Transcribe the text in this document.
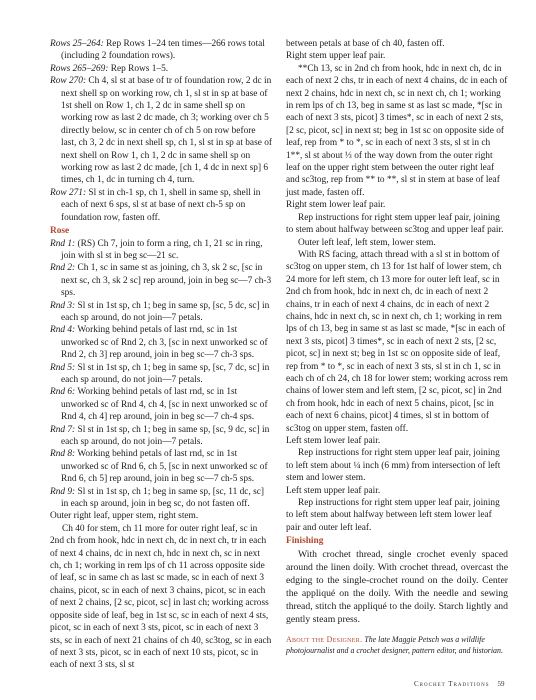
Rows 25–264: Rep Rows 1–24 ten times—266 rows total (including 2 foundation rows).

Rows 265–269: Rep Rows 1–5.

Row 270: Ch 4, sl st at base of tr of foundation row, 2 dc in next shell sp on working row, ch 1, sl st in sp at base of 1st shell on Row 1, ch 1, 2 dc in same shell sp on working row as last 2 dc made, ch 3; working over ch 5 directly below, sc in center ch of ch 5 on row before last, ch 3, 2 dc in next shell sp, ch 1, sl st in sp at base of next shell on Row 1, ch 1, 2 dc in same shell sp on working row as last 2 dc made, [ch 1, 4 dc in next sp] 6 times, ch 1, dc in turning ch 4, turn.

Row 271: Sl st in ch-1 sp, ch 1, shell in same sp, shell in each of next 6 sps, sl st at base of next ch-5 sp on foundation row, fasten off.

Rose

Rnd 1: (RS) Ch 7, join to form a ring, ch 1, 21 sc in ring, join with sl st in beg sc—21 sc.

Rnd 2: Ch 1, sc in same st as joining, ch 3, sk 2 sc, [sc in next sc, ch 3, sk 2 sc] rep around, join in beg sc—7 ch-3 sps.

Rnd 3: Sl st in 1st sp, ch 1; beg in same sp, [sc, 5 dc, sc] in each sp around, do not join—7 petals.

Rnd 4: Working behind petals of last rnd, sc in 1st unworked sc of Rnd 2, ch 3, [sc in next unworked sc of Rnd 2, ch 3] rep around, join in beg sc—7 ch-3 sps.

Rnd 5: Sl st in 1st sp, ch 1; beg in same sp, [sc, 7 dc, sc] in each sp around, do not join—7 petals.

Rnd 6: Working behind petals of last rnd, sc in 1st unworked sc of Rnd 4, ch 4, [sc in next unworked sc of Rnd 4, ch 4] rep around, join in beg sc—7 ch-4 sps.

Rnd 7: Sl st in 1st sp, ch 1; beg in same sp, [sc, 9 dc, sc] in each sp around, do not join—7 petals.

Rnd 8: Working behind petals of last rnd, sc in 1st unworked sc of Rnd 6, ch 5, [sc in next unworked sc of Rnd 6, ch 5] rep around, join in beg sc—7 ch-5 sps.

Rnd 9: Sl st in 1st sp, ch 1; beg in same sp, [sc, 11 dc, sc] in each sp around, join in beg sc, do not fasten off.

Outer right leaf, upper stem, right stem.

Ch 40 for stem, ch 11 more for outer right leaf, sc in 2nd ch from hook, hdc in next ch, dc in next ch, tr in each of next 4 chains, dc in next ch, hdc in next ch, sc in next ch, ch 1; working in rem lps of ch 11 across opposite side of leaf, sc in same ch as last sc made, sc in each of next 3 chains, picot, sc in each of next 3 chains, picot, sc in each of next 2 chains, [2 sc, picot, sc] in last ch; working across opposite side of leaf, beg in 1st sc, sc in each of next 4 sts, picot, sc in each of next 3 sts, picot, sc in each of next 3 sts, sc in each of next 21 chains of ch 40, sc3tog, sc in each of next 3 sts, picot, sc in each of next 10 sts, picot, sc in each of next 3 sts, sl st

between petals at base of ch 40, fasten off.

Right stem upper leaf pair.

**Ch 13, sc in 2nd ch from hook, hdc in next ch, dc in each of next 2 chs, tr in each of next 4 chains, dc in each of next 2 chains, hdc in next ch, sc in next ch, ch 1; working in rem lps of ch 13, beg in same st as last sc made, *[sc in each of next 3 sts, picot] 3 times*, sc in each of next 2 sts, [2 sc, picot, sc] in next st; beg in 1st sc on opposite side of leaf, rep from * to *, sc in each of next 3 sts, sl st in ch 1**, sl st about ⅓ of the way down from the outer right leaf on the upper right stem between the outer right leaf and sc3tog, rep from ** to **, sl st in stem at base of leaf just made, fasten off.

Right stem lower leaf pair.

Rep instructions for right stem upper leaf pair, joining to stem about halfway between sc3tog and upper leaf pair.

Outer left leaf, left stem, lower stem.

With RS facing, attach thread with a sl st in bottom of sc3tog on upper stem, ch 13 for 1st half of lower stem, ch 24 more for left stem, ch 13 more for outer left leaf, sc in 2nd ch from hook, hdc in next ch, dc in each of next 2 chains, tr in each of next 4 chains, dc in each of next 2 chains, hdc in next ch, sc in next ch, ch 1; working in rem lps of ch 13, beg in same st as last sc made, *[sc in each of next 3 sts, picot] 3 times*, sc in each of next 2 sts, [2 sc, picot, sc] in next st; beg in 1st sc on opposite side of leaf, rep from * to *, sc in each of next 3 sts, sl st in ch 1, sc in each ch of ch 24, ch 18 for lower stem; working across rem chains of lower stem and left stem, [2 sc, picot, sc] in 2nd ch from hook, hdc in each of next 5 chains, picot, [sc in each of next 6 chains, picot] 4 times, sl st in bottom of sc3tog on upper stem, fasten off.

Left stem lower leaf pair.

Rep instructions for right stem upper leaf pair, joining to left stem about ¼ inch (6 mm) from intersection of left stem and lower stem.

Left stem upper leaf pair.

Rep instructions for right stem upper leaf pair, joining to left stem about halfway between left stem lower leaf pair and outer left leaf.

Finishing

With crochet thread, single crochet evenly spaced around the linen doily. With crochet thread, overcast the edging to the single-crochet round on the doily. Center the appliqué on the doily. With the needle and sewing thread, stitch the appliqué to the doily. Starch lightly and gently steam press.

About the Designer. The late Maggie Petsch was a wildlife photojournalist and a crochet designer, pattern editor, and historian.

Crochet Traditions 59
